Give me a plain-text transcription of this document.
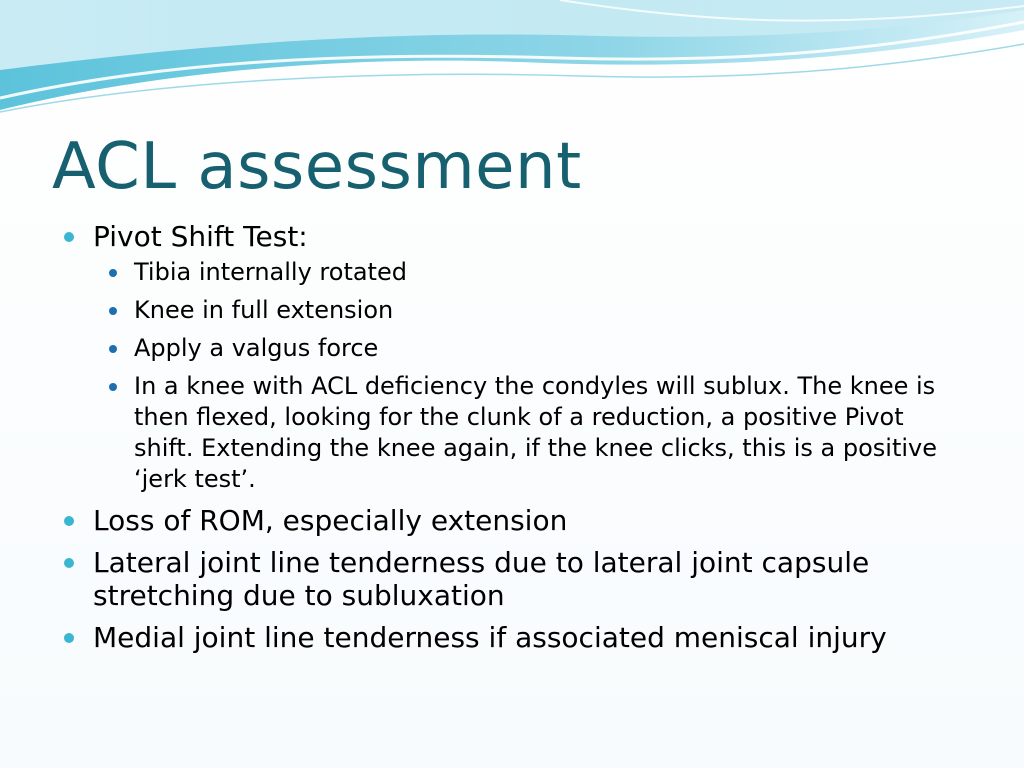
ACL assessment
Pivot Shift Test:
Tibia internally rotated
Knee in full extension
Apply a valgus force
In a knee with ACL deficiency the condyles will sublux. The knee is then flexed, looking for the clunk of a reduction, a positive Pivot shift. Extending the knee again, if the knee clicks, this is a positive ‘jerk test’.
Loss of ROM, especially extension
Lateral joint line tenderness due to lateral joint capsule stretching due to subluxation
Medial joint line tenderness if associated meniscal injury
